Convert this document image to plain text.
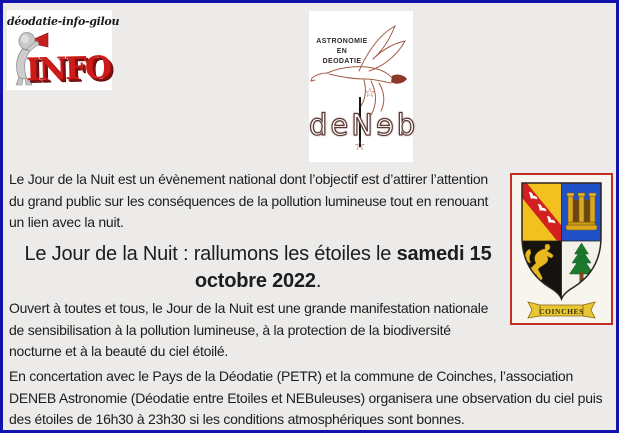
déodatie-info-gilou
INFO
ASTRONOMIE
EN
DEODATIE
☆
deNɘb
☆
COINCHES

Le Jour de la Nuit est un évènement national dont l’objectif est d’attirer l’attention du grand public sur les conséquences de la pollution lumineuse tout en renouant un lien avec la nuit.

Le Jour de la Nuit : rallumons les étoiles le samedi 15 octobre 2022.

Ouvert à toutes et tous, le Jour de la Nuit est une grande manifestation nationale de sensibilisation à la pollution lumineuse, à la protection de la biodiversité nocturne et à la beauté du ciel étoilé.

En concertation avec le Pays de la Déodatie (PETR) et la commune de Coinches, l’association DENEB Astronomie (Déodatie entre Etoiles et NEBuleuses) organisera une observation du ciel puis des étoiles de 16h30 à 23h30 si les conditions atmosphériques sont bonnes.
